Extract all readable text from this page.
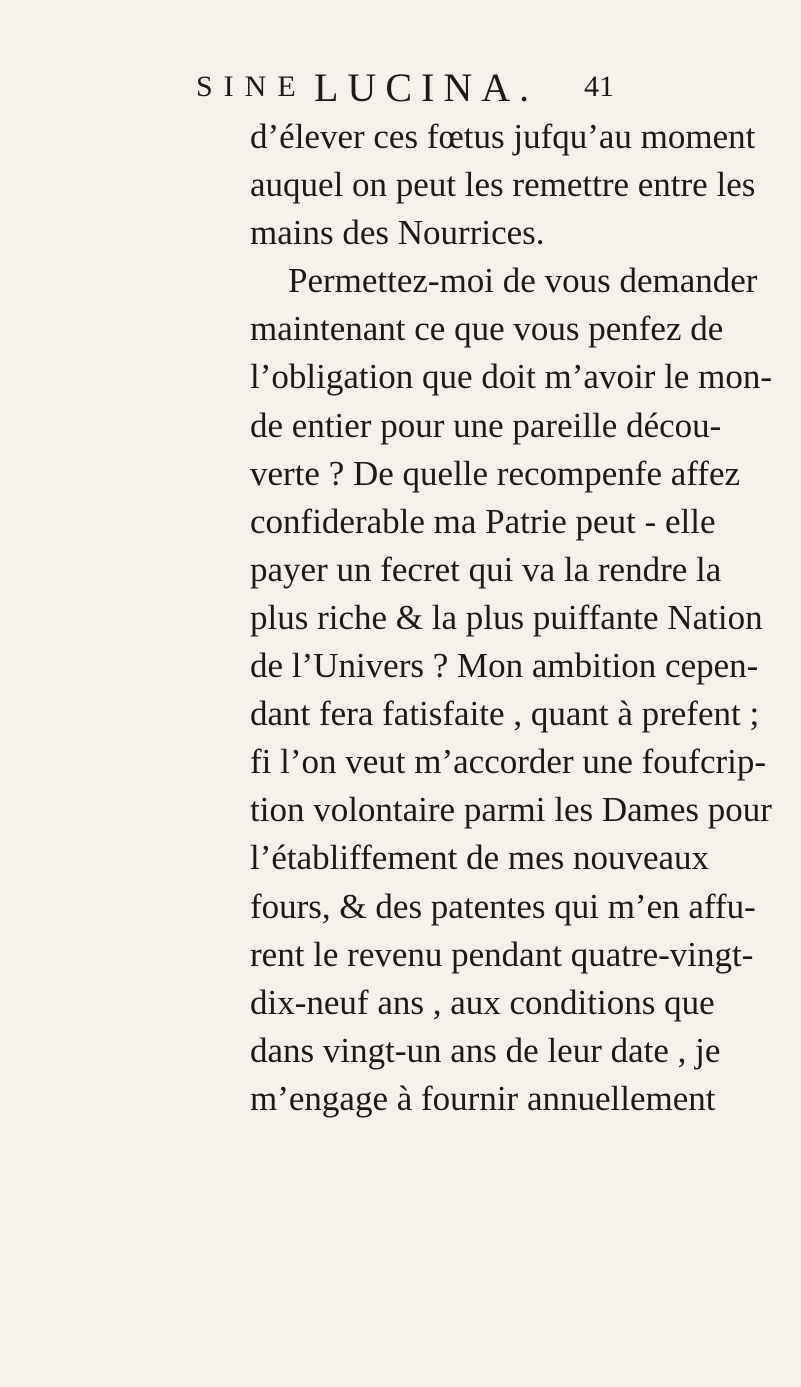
SINE LUCINA. 41
d’élever ces fœtus jufqu’au moment
auquel on peut les remettre entre les
mains des Nourrices.
Permettez-moi de vous demander
maintenant ce que vous penfez de
l’obligation que doit m’avoir le mon-
de entier pour une pareille décou-
verte ? De quelle recompenfe affez
confiderable ma Patrie peut - elle
payer un fecret qui va la rendre la
plus riche & la plus puiffante Nation
de l’Univers ? Mon ambition cepen-
dant fera fatisfaite , quant à prefent ;
fi l’on veut m’accorder une foufcrip-
tion volontaire parmi les Dames pour
l’établiffement de mes nouveaux
fours, & des patentes qui m’en affu-
rent le revenu pendant quatre-vingt-
dix-neuf ans , aux conditions que
dans vingt-un ans de leur date , je
m’engage à fournir annuellement
